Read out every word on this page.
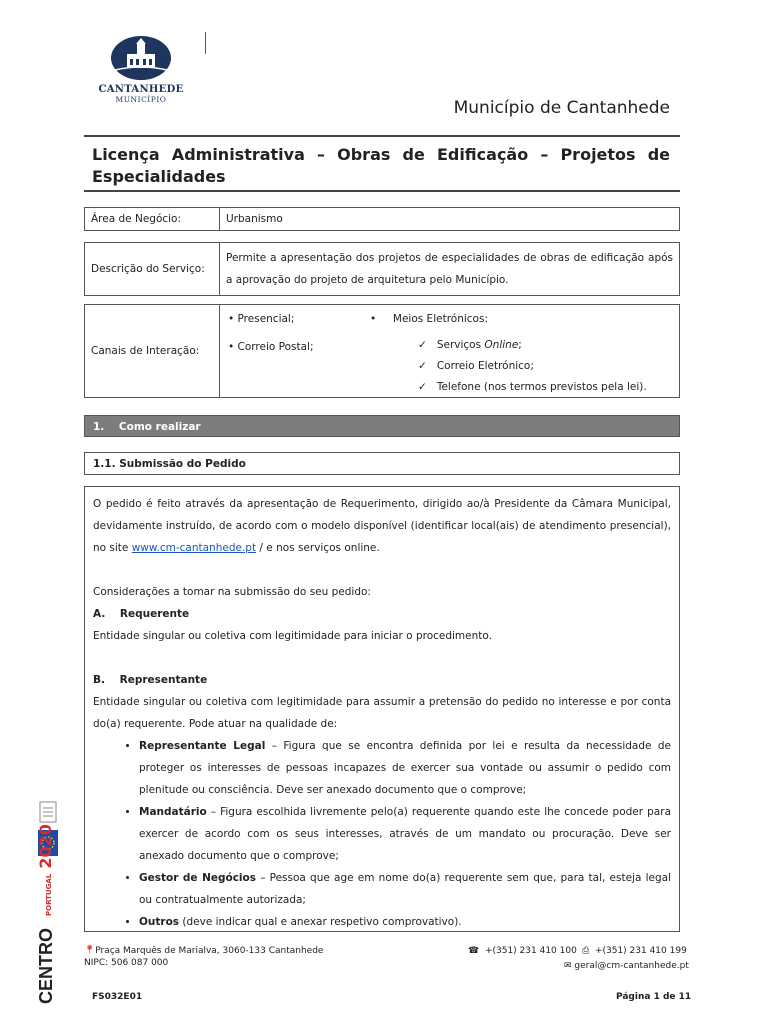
CANTANHEDE
MUNICÍPIO	Município de Cantanhede
Licença Administrativa – Obras de Edificação – Projetos de Especialidades
Área de Negócio:	Urbanismo
Descrição do Serviço:	Permite a apresentação dos projetos de especialidades de obras de edificação após a aprovação do projeto de arquitetura pelo Município.
Canais de Interação:	
• Presencial;
• Correio Postal;
•     Meios Eletrónicos:
✓ Serviços Online;
✓ Correio Eletrónico;
✓ Telefone (nos termos previstos pela lei).
1.    Como realizar
1.1. Submissão do Pedido

O pedido é feito através da apresentação de Requerimento, dirigido ao/à Presidente da Câmara Municipal, devidamente instruído, de acordo com o modelo disponível (identificar local(ais) de atendimento presencial), no site www.cm-cantanhede.pt / e nos serviços online.

Considerações a tomar na submissão do seu pedido:

A.    Requerente

Entidade singular ou coletiva com legitimidade para iniciar o procedimento.

B.    Representante

Entidade singular ou coletiva com legitimidade para assumir a pretensão do pedido no interesse e por conta do(a) requerente. Pode atuar na qualidade de:

• Representante Legal – Figura que se encontra definida por lei e resulta da necessidade de proteger os interesses de pessoas incapazes de exercer sua vontade ou assumir o pedido com plenitude ou consciência. Deve ser anexado documento que o comprove;
• Mandatário – Figura escolhida livremente pelo(a) requerente quando este lhe concede poder para exercer de acordo com os seus interesses, através de um mandato ou procuração. Deve ser anexado documento que o comprove;
• Gestor de Negócios – Pessoa que age em nome do(a) requerente sem que, para tal, esteja legal ou contratualmente autorizada;
• Outros (deve indicar qual e anexar respetivo comprovativo).
📍Praça Marquês de Marialva, 3060-133 Cantanhede
NIPC: 506 087 000
☎ +(351) 231 410 100 ⎙ +(351) 231 410 199
✉ geral@cm-cantanhede.pt
FS032E01	Página 1 de 11
PORTUGAL 2020
CENTRO
